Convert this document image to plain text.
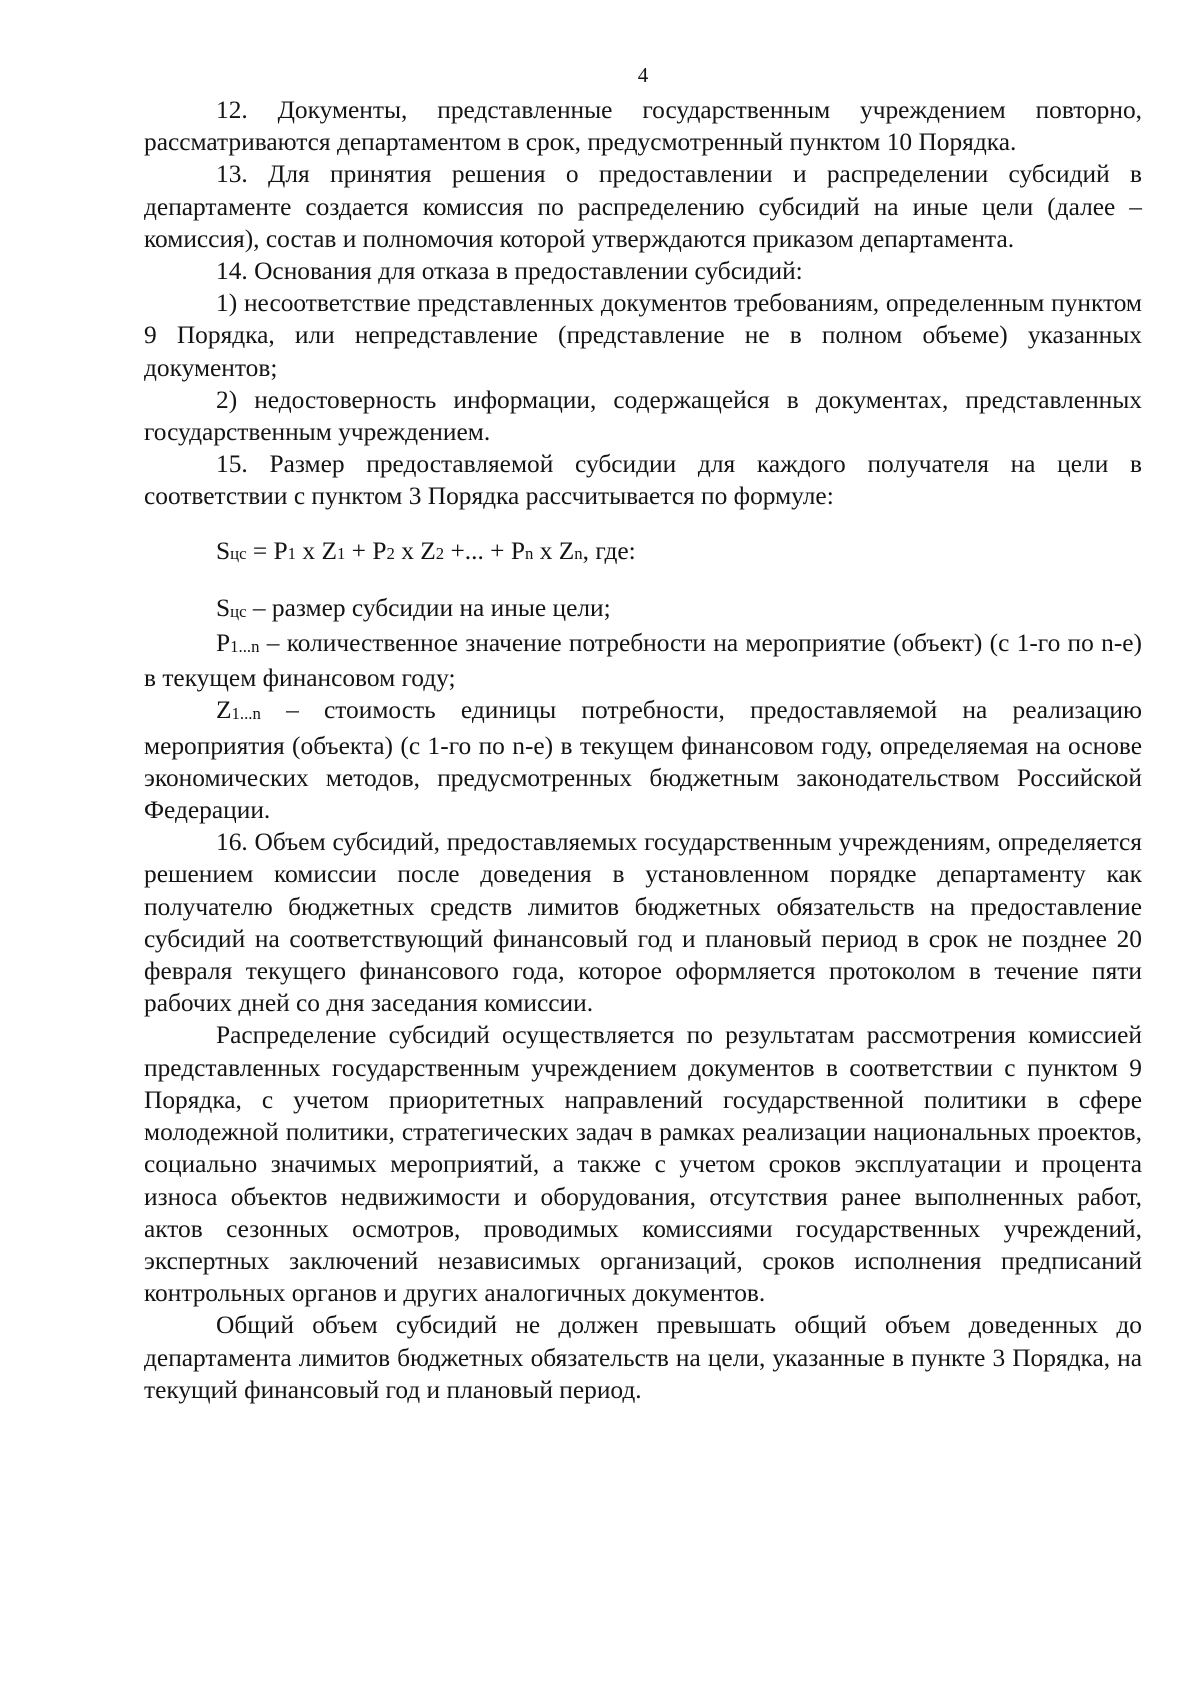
4

12. Документы, представленные государственным учреждением повторно, рассматриваются департаментом в срок, предусмотренный пунктом 10 Порядка.

13. Для принятия решения о предоставлении и распределении субсидий в департаменте создается комиссия по распределению субсидий на иные цели (далее – комиссия), состав и полномочия которой утверждаются приказом департамента.

14. Основания для отказа в предоставлении субсидий:

1) несоответствие представленных документов требованиям, определенным пунктом 9 Порядка, или непредставление (представление не в полном объеме) указанных документов;

2) недостоверность информации, содержащейся в документах, представленных государственным учреждением.

15. Размер предоставляемой субсидии для каждого получателя на цели в соответствии с пунктом 3 Порядка рассчитывается по формуле:

$S_{цс} = P_1$ x $Z_1 + P_2$ x $Z_2$ +... + $P_n$ x $Z_n$, где:

$S_{цс}$ – размер субсидии на иные цели;

$P_{1...n}$ – количественное значение потребности на мероприятие (объект) (с 1-го по n-е) в текущем финансовом году;

$Z_{1...n}$ – стоимость единицы потребности, предоставляемой на реализацию мероприятия (объекта) (с 1-го по n-е) в текущем финансовом году, определяемая на основе экономических методов, предусмотренных бюджетным законодательством Российской Федерации.

16. Объем субсидий, предоставляемых государственным учреждениям, определяется решением комиссии после доведения в установленном порядке департаменту как получателю бюджетных средств лимитов бюджетных обязательств на предоставление субсидий на соответствующий финансовый год и плановый период в срок не позднее 20 февраля текущего финансового года, которое оформляется протоколом в течение пяти рабочих дней со дня заседания комиссии.

Распределение субсидий осуществляется по результатам рассмотрения комиссией представленных государственным учреждением документов в соответствии с пунктом 9 Порядка, с учетом приоритетных направлений государственной политики в сфере молодежной политики, стратегических задач в рамках реализации национальных проектов, социально значимых мероприятий, а также с учетом сроков эксплуатации и процента износа объектов недвижимости и оборудования, отсутствия ранее выполненных работ, актов сезонных осмотров, проводимых комиссиями государственных учреждений, экспертных заключений независимых организаций, сроков исполнения предписаний контрольных органов и других аналогичных документов.

Общий объем субсидий не должен превышать общий объем доведенных до департамента лимитов бюджетных обязательств на цели, указанные в пункте 3 Порядка, на текущий финансовый год и плановый период.
